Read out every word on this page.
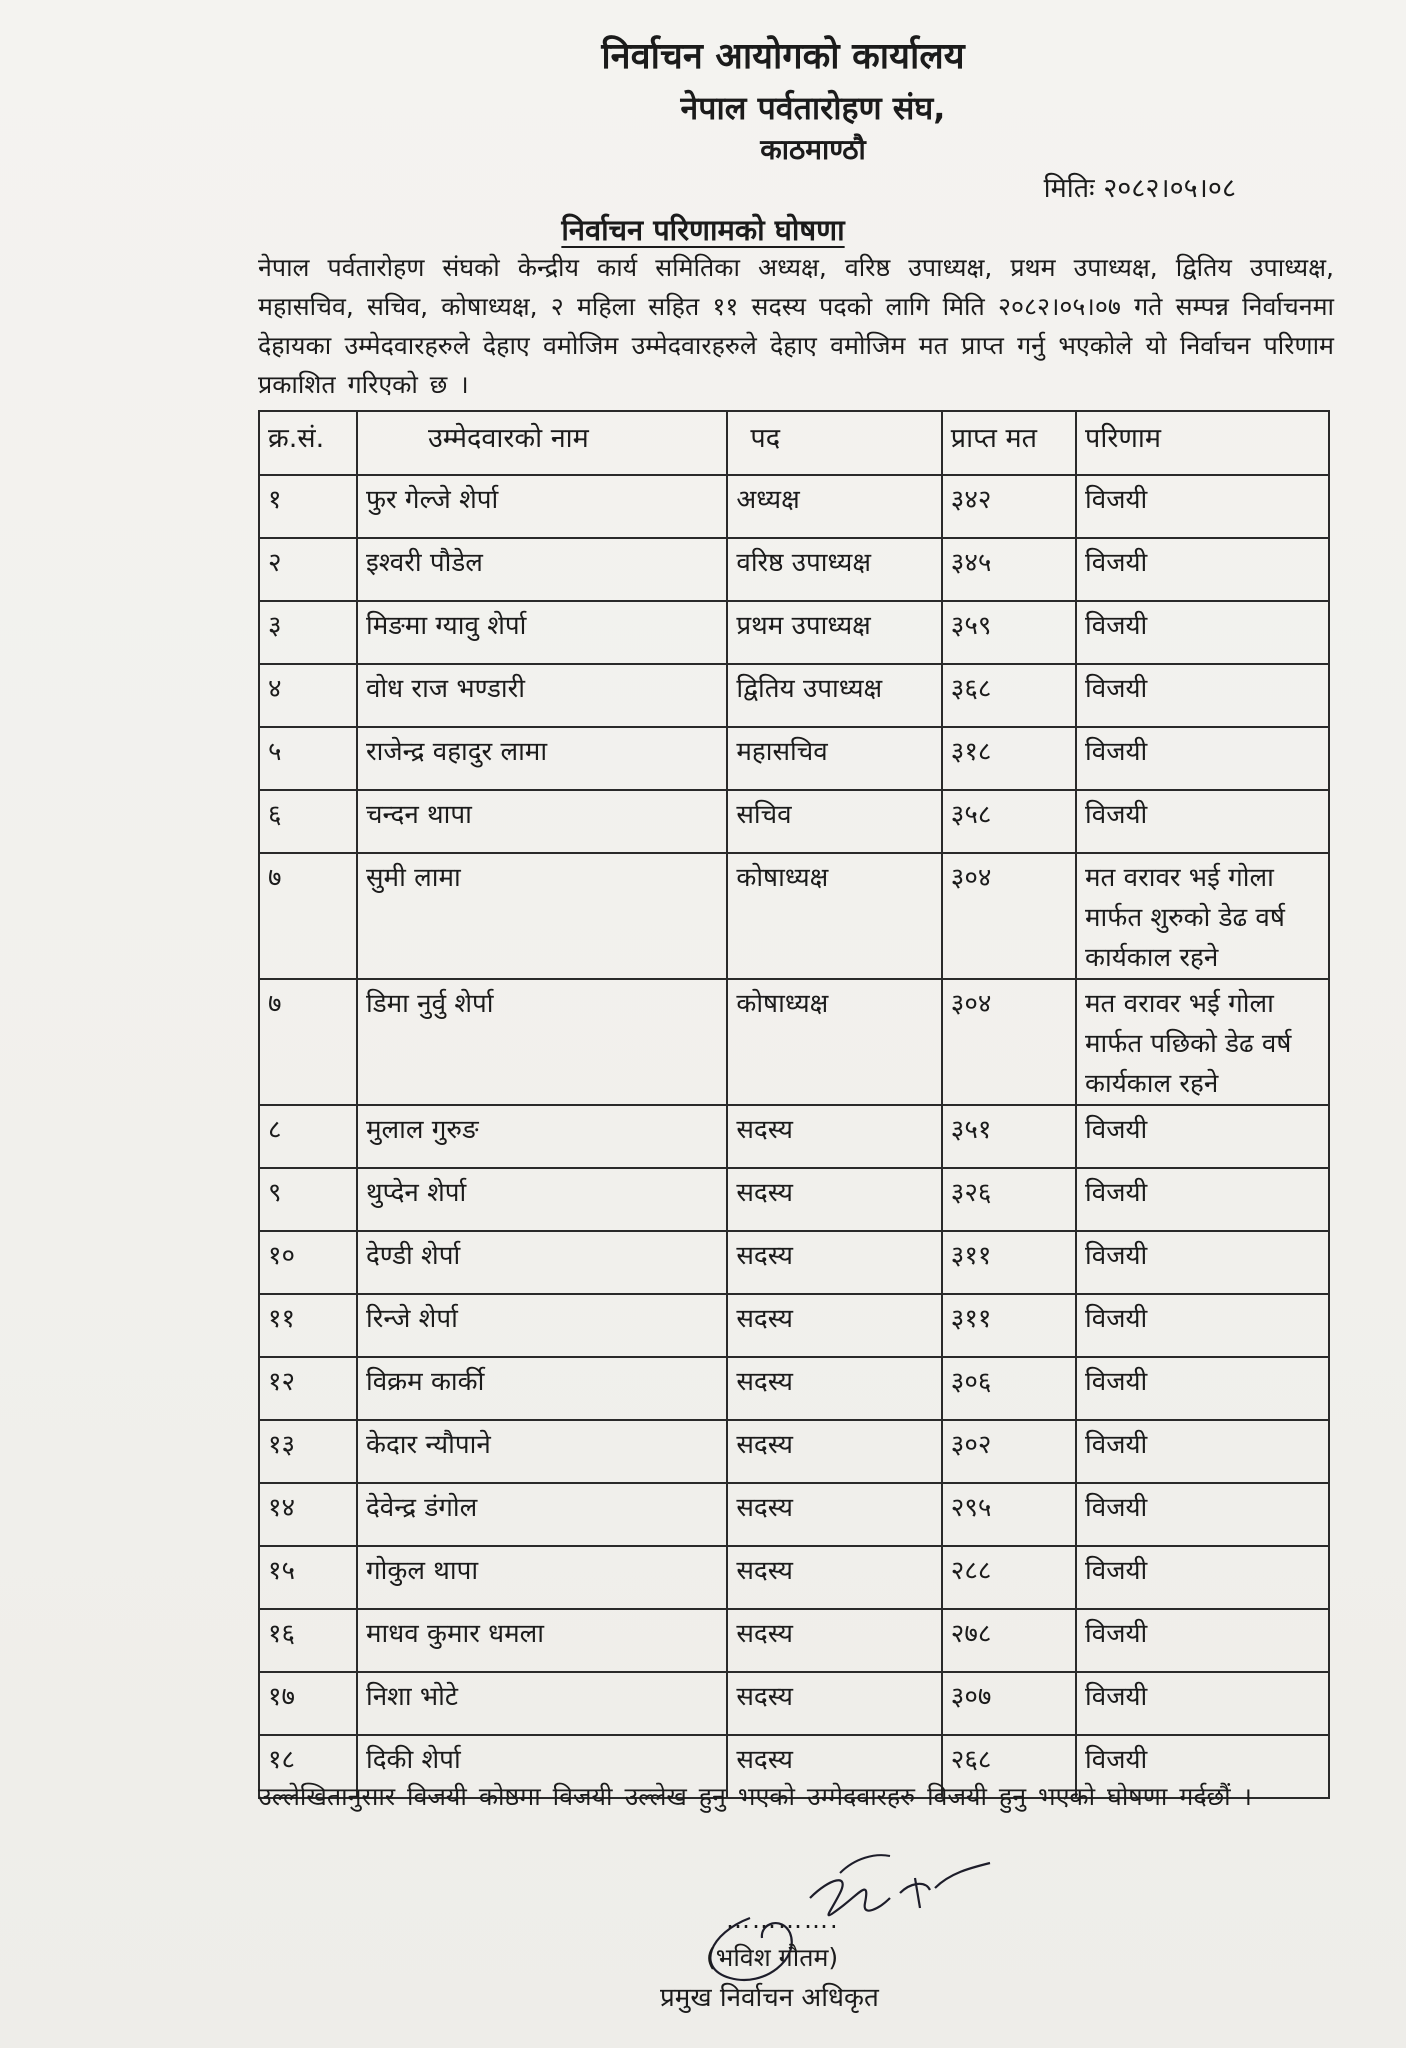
निर्वाचन आयोगको कार्यालय
नेपाल पर्वतारोहण संघ,
काठमाण्ठौ
मितिः २०८२।०५।०८
निर्वाचन परिणामको घोषणा
नेपाल पर्वतारोहण संघको केन्द्रीय कार्य समितिका अध्यक्ष, वरिष्ठ उपाध्यक्ष, प्रथम उपाध्यक्ष, द्वितिय उपाध्यक्ष, महासचिव, सचिव, कोषाध्यक्ष, २ महिला सहित ११ सदस्य पदको लागि मिति २०८२।०५।०७ गते सम्पन्न निर्वाचनमा देहायका उम्मेदवारहरुले देहाए वमोजिम उम्मेदवारहरुले देहाए वमोजिम मत प्राप्त गर्नु भएकोले यो निर्वाचन परिणाम प्रकाशित गरिएको छ ।
क्र.सं.	उम्मेदवारको नाम	पद	प्राप्त मत	परिणाम
१	फुर गेल्जे शेर्पा	अध्यक्ष	३४२	विजयी
२	इश्वरी पौडेल	वरिष्ठ उपाध्यक्ष	३४५	विजयी
३	मिङमा ग्यावु शेर्पा	प्रथम उपाध्यक्ष	३५९	विजयी
४	वोध राज भण्डारी	द्वितिय उपाध्यक्ष	३६८	विजयी
५	राजेन्द्र वहादुर लामा	महासचिव	३१८	विजयी
६	चन्दन थापा	सचिव	३५८	विजयी
७	सुमी लामा	कोषाध्यक्ष	३०४	मत वरावर भई गोला मार्फत शुरुको डेढ वर्ष कार्यकाल रहने
७	डिमा नुर्वु शेर्पा	कोषाध्यक्ष	३०४	मत वरावर भई गोला मार्फत पछिको डेढ वर्ष कार्यकाल रहने
८	मुलाल गुरुङ	सदस्य	३५१	विजयी
९	थुप्देन शेर्पा	सदस्य	३२६	विजयी
१०	देण्डी शेर्पा	सदस्य	३११	विजयी
११	रिन्जे शेर्पा	सदस्य	३११	विजयी
१२	विक्रम कार्की	सदस्य	३०६	विजयी
१३	केदार न्यौपाने	सदस्य	३०२	विजयी
१४	देवेन्द्र डंगोल	सदस्य	२९५	विजयी
१५	गोकुल थापा	सदस्य	२८८	विजयी
१६	माधव कुमार धमला	सदस्य	२७८	विजयी
१७	निशा भोटे	सदस्य	३०७	विजयी
१८	दिकी शेर्पा	सदस्य	२६८	विजयी
उल्लेखितानुसार विजयी कोष्ठमा विजयी उल्लेख हुनु भएको उम्मेदवारहरु विजयी हुनु भएको घोषणा गर्दछौं ।
………….
(भविश गौतम)
प्रमुख निर्वाचन अधिकृत
